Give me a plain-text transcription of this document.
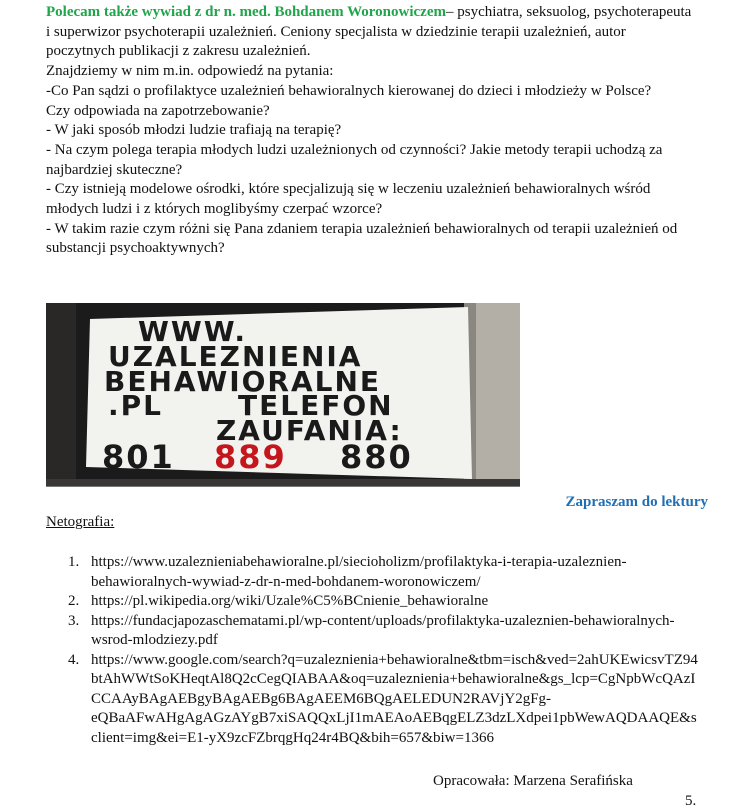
Polecam także wywiad z dr n. med. Bohdanem Woronowiczem– psychiatra, seksuolog, psychoterapeuta
i superwizor psychoterapii uzależnień. Ceniony specjalista w dziedzinie terapii uzależnień, autor
poczytnych publikacji z zakresu uzależnień.
Znajdziemy w nim m.in. odpowiedź na pytania:
-Co Pan sądzi o profilaktyce uzależnień behawioralnych kierowanej do dzieci i młodzieży w Polsce?
Czy odpowiada na zapotrzebowanie?
- W jaki sposób młodzi ludzie trafiają na terapię?
- Na czym polega terapia młodych ludzi uzależnionych od czynności? Jakie metody terapii uchodzą za
najbardziej skuteczne?
- Czy istnieją modelowe ośrodki, które specjalizują się w leczeniu uzależnień behawioralnych wśród
młodych ludzi i z których moglibyśmy czerpać wzorce?
- W takim razie czym różni się Pana zdaniem terapia uzależnień behawioralnych od terapii uzależnień od
substancji psychoaktywnych?

WWW.
UZALEZNIENIA
BEHAWIORALNE
.PL	TELEFON
ZAUFANIA:
801 889 880

Zapraszam do lektury

Netografia:

1. https://www.uzaleznieniabehawioralne.pl/siecioholizm/profilaktyka-i-terapia-uzaleznien-
behawioralnych-wywiad-z-dr-n-med-bohdanem-woronowiczem/
2. https://pl.wikipedia.org/wiki/Uzale%C5%BCnienie_behawioralne
3. https://fundacjapozaschematami.pl/wp-content/uploads/profilaktyka-uzaleznien-behawioralnych-
wsrod-mlodziezy.pdf
4. https://www.google.com/search?q=uzaleznienia+behawioralne&tbm=isch&ved=2ahUKEwicsvTZ94
btAhWWtSoKHeqtAl8Q2cCegQIABAA&oq=uzaleznienia+behawioralne&gs_lcp=CgNpbWcQAzI
CCAAyBAgAEBgyBAgAEBg6BAgAEEM6BQgAELEDUN2RAVjY2gFg-
eQBaAFwAHgAgAGzAYgB7xiSAQQxLjI1mAEAoAEBqgELZ3dzLXdpei1pbWewAQDAAQE&s
client=img&ei=E1-yX9zcFZbrqgHq24r4BQ&bih=657&biw=1366

Opracowała: Marzena Serafińska

5.
